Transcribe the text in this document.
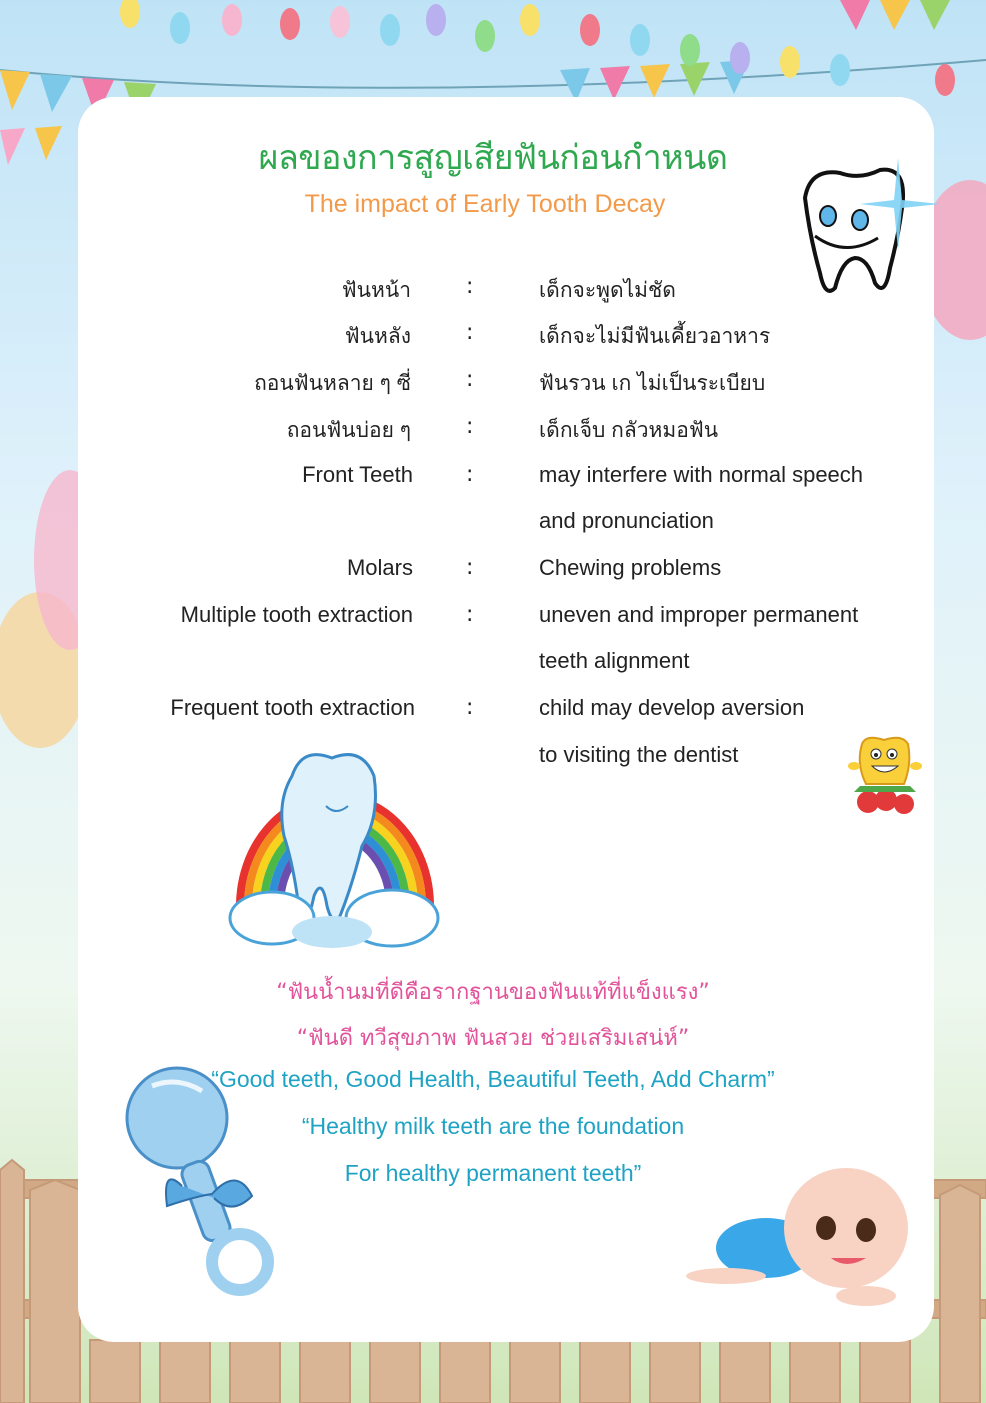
ผลของการสูญเสียฟันก่อนกำหนด
The impact of Early Tooth Decay
ฟันหน้า	:	เด็กจะพูดไม่ชัด
ฟันหลัง	:	เด็กจะไม่มีฟันเคี้ยวอาหาร
ถอนฟันหลาย ๆ ซี่	:	ฟันรวน เก ไม่เป็นระเบียบ
ถอนฟันบ่อย ๆ	:	เด็กเจ็บ กลัวหมอฟัน
Front Teeth :	may interfere with normal speech
and pronunciation
Molars :	Chewing problems
Multiple tooth extraction :	uneven and improper permanent
teeth alignment
Frequent tooth extraction :	child may develop aversion
to visiting the dentist
“ฟันน้ำนมที่ดีคือรากฐานของฟันแท้ที่แข็งแรง”
“ฟันดี ทวีสุขภาพ ฟันสวย ช่วยเสริมเสน่ห์”
“Good teeth, Good Health, Beautiful Teeth, Add Charm”
“Healthy milk teeth are the foundation
For healthy permanent teeth”
